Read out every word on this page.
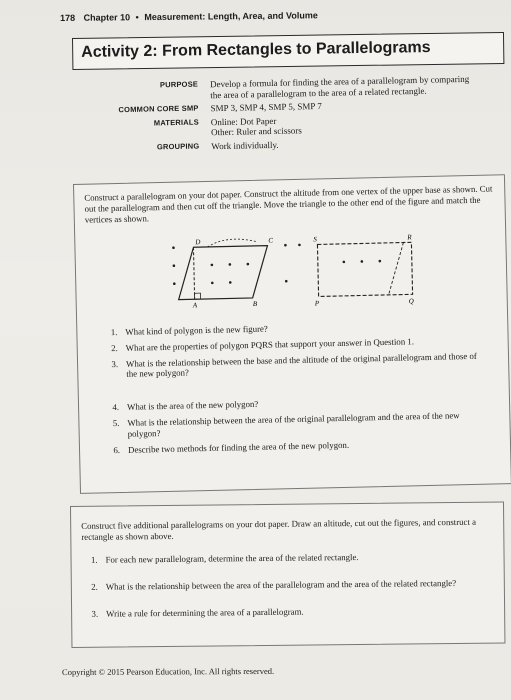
178 Chapter 10 • Measurement: Length, Area, and Volume
Activity 2: From Rectangles to Parallelograms
PURPOSE	Develop a formula for finding the area of a parallelogram by comparing
the area of a parallelogram to the area of a related rectangle.
COMMON CORE SMP	SMP 3, SMP 4, SMP 5, SMP 7
MATERIALS	Online: Dot Paper
Other: Ruler and scissors
GROUPING	Work individually.
Construct a parallelogram on your dot paper. Construct the altitude from one vertex of the upper base as shown. Cut out the parallelogram and then cut off the triangle. Move the triangle to the other end of the figure and match the vertices as shown.
D	C
A	B
S	R
P	Q
1. What kind of polygon is the new figure?
2. What are the properties of polygon PQRS that support your answer in Question 1.
3. What is the relationship between the base and the altitude of the original parallelogram and those of the new polygon?
4. What is the area of the new polygon?
5. What is the relationship between the area of the original parallelogram and the area of the new polygon?
6. Describe two methods for finding the area of the new polygon.
Construct five additional parallelograms on your dot paper. Draw an altitude, cut out the figures, and construct a rectangle as shown above.
1. For each new parallelogram, determine the area of the related rectangle.
2. What is the relationship between the area of the parallelogram and the area of the related rectangle?
3. Write a rule for determining the area of a parallelogram.
Copyright © 2015 Pearson Education, Inc. All rights reserved.
